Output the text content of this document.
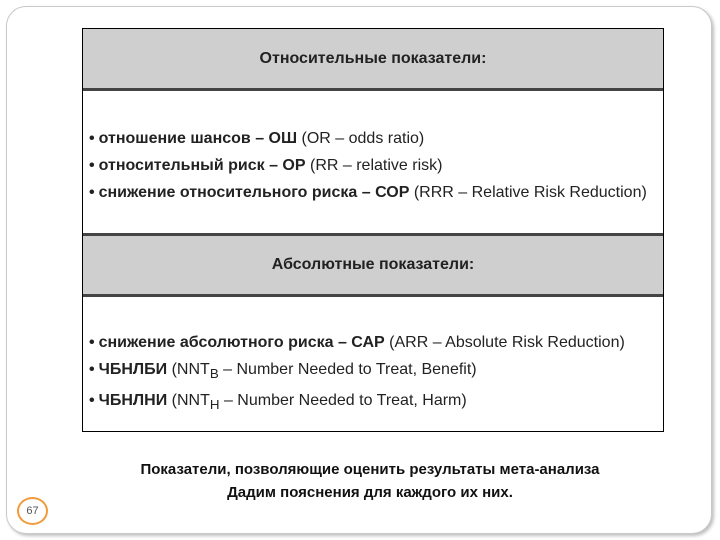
Относительные показатели:
• отношение шансов – ОШ (OR – odds ratio)
• относительный риск – ОР (RR – relative risk)
• снижение относительного риска – СОР (RRR – Relative Risk Reduction)
Абсолютные показатели:
• снижение абсолютного риска – САР (ARR – Absolute Risk Reduction)
• ЧБНЛБИ ($NNT_B$ – Number Needed to Treat, Benefit)
• ЧБНЛНИ ($NNT_H$ – Number Needed to Treat, Harm)
Показатели, позволяющие оценить результаты мета-анализа
Дадим пояснения для каждого их них.
67
